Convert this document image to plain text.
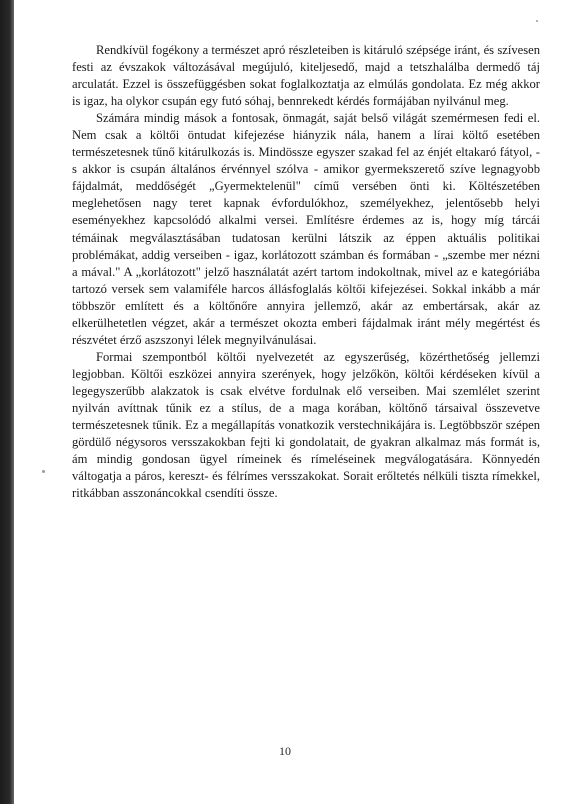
Rendkívül fogékony a természet apró részleteiben is kitáruló szépsége iránt, és szívesen festi az évszakok változásával megújuló, kiteljesedő, majd a tetszhalálba dermedő táj arculatát. Ezzel is összefüggésben sokat foglalkoztatja az elmúlás gondolata. Ez még akkor is igaz, ha olykor csupán egy futó sóhaj, bennrekedt kérdés formájában nyilvánul meg.

Számára mindig mások a fontosak, önmagát, saját belső világát szemérmesen fedi el. Nem csak a költői öntudat kifejezése hiányzik nála, hanem a lírai költő esetében természetesnek tűnő kitárulkozás is. Mindössze egyszer szakad fel az énjét eltakaró fátyol, - s akkor is csupán általános érvénnyel szólva - amikor gyermekszerető szíve legnagyobb fájdalmát, meddőségét „Gyermektelenül" című versében önti ki. Költészetében meglehetősen nagy teret kapnak évfordulókhoz, személyekhez, jelentősebb helyi eseményekhez kapcsolódó alkalmi versei. Említésre érdemes az is, hogy míg tárcái témáinak megválasztásában tudatosan kerülni látszik az éppen aktuális politikai problémákat, addig verseiben - igaz, korlátozott számban és formában - „szembe mer nézni a mával." A „korlátozott" jelző használatát azért tartom indokoltnak, mivel az e kategóriába tartozó versek sem valamiféle harcos állásfoglalás költői kifejezései. Sokkal inkább a már többször említett és a költőnőre annyira jellemző, akár az embertársak, akár az elkerülhetetlen végzet, akár a természet okozta emberi fájdalmak iránt mély megértést és részvétet érző aszszonyi lélek megnyilvánulásai.

Formai szempontból költői nyelvezetét az egyszerűség, közérthetőség jellemzi legjobban. Költői eszközei annyira szerények, hogy jelzőkön, költői kérdéseken kívül a legegyszerűbb alakzatok is csak elvétve fordulnak elő verseiben. Mai szemlélet szerint nyilván avíttnak tűnik ez a stílus, de a maga korában, költőnő társaival összevetve természetesnek tűnik. Ez a megállapítás vonatkozik verstechnikájára is. Legtöbbször szépen gördülő négysoros versszakokban fejti ki gondolatait, de gyakran alkalmaz más formát is, ám mindig gondosan ügyel rímeinek és rímeléseinek megválogatására. Könnyedén váltogatja a páros, kereszt- és félrímes versszakokat. Sorait erőltetés nélküli tiszta rímekkel, ritkábban asszonáncokkal csendíti össze.

10
